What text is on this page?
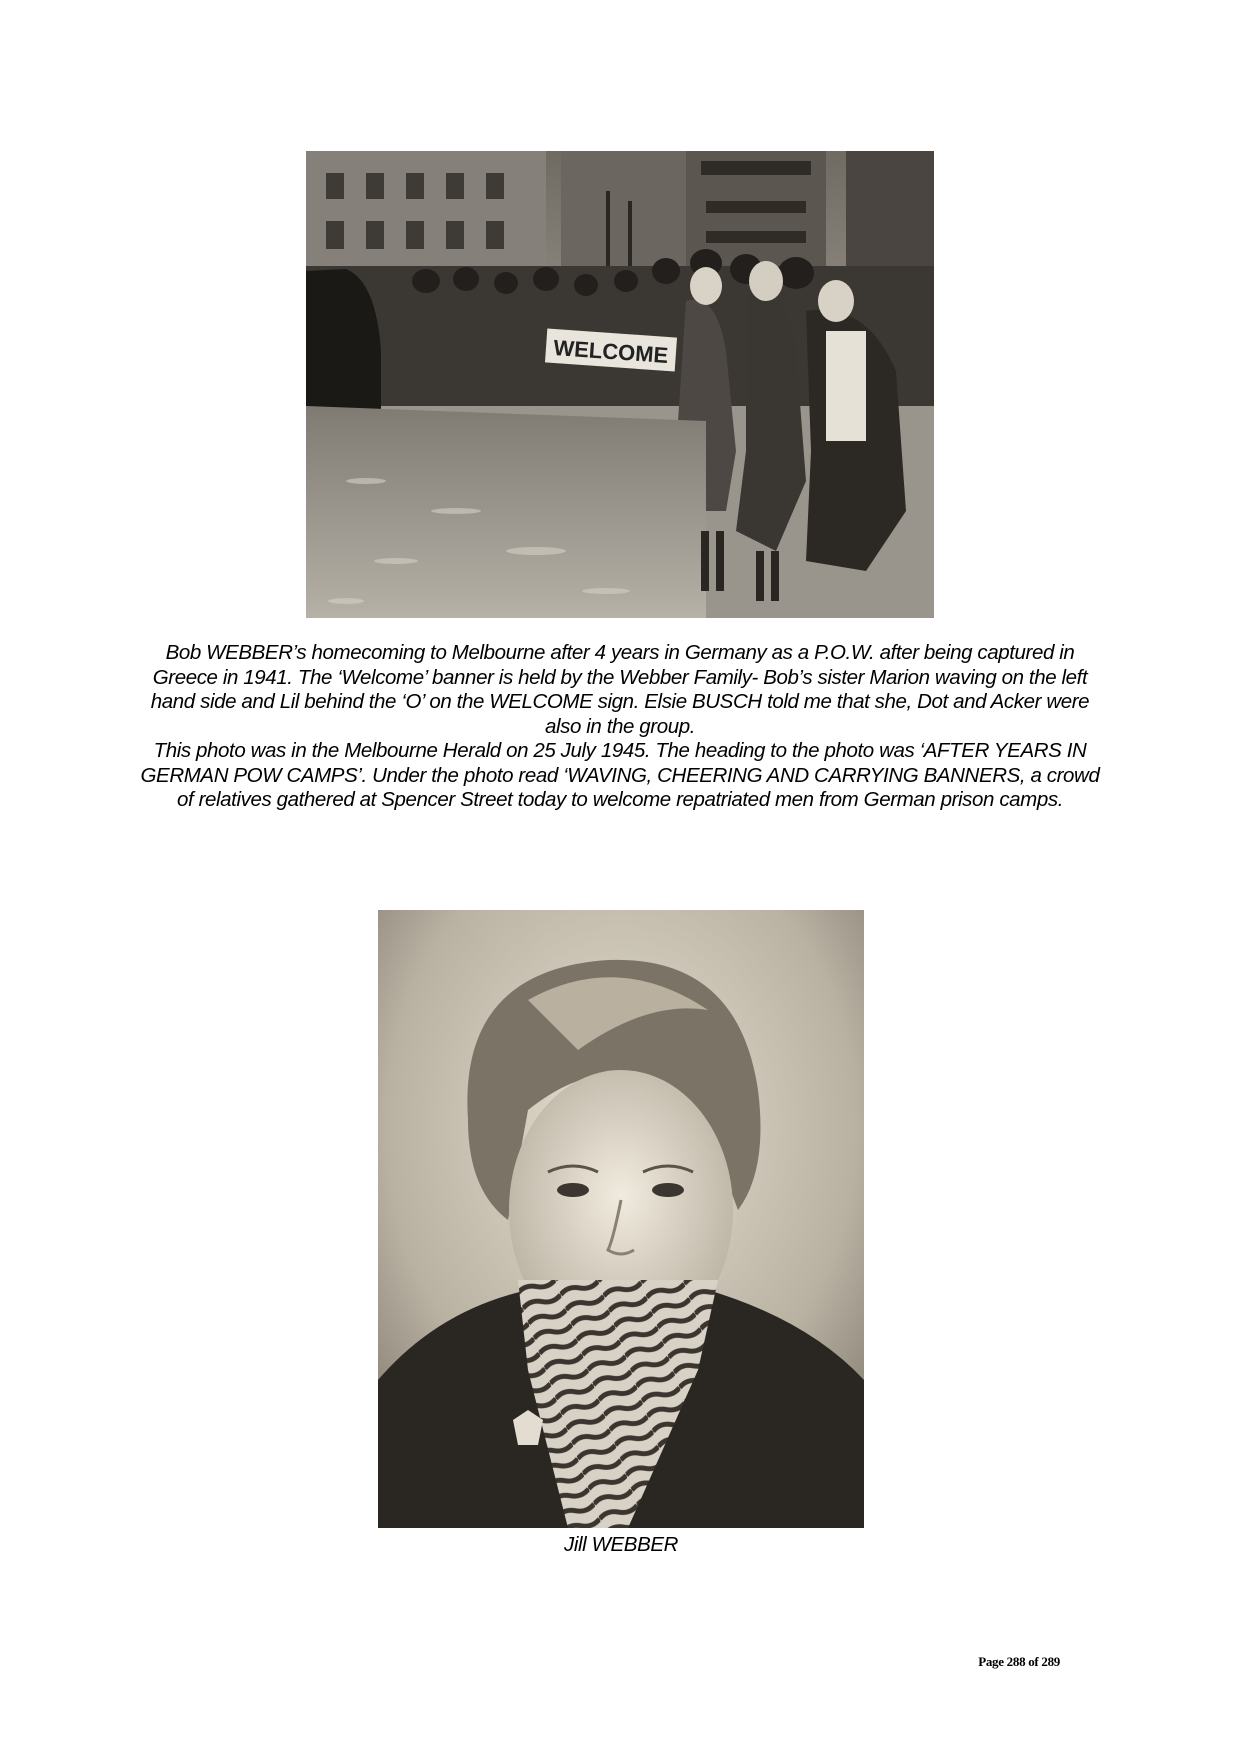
WELCOME

Bob WEBBER’s homecoming to Melbourne after 4 years in Germany as a P.O.W. after being captured in Greece in 1941. The ‘Welcome’ banner is held by the Webber Family- Bob’s sister Marion waving on the left hand side and Lil behind the ‘O’ on the WELCOME sign. Elsie BUSCH told me that she, Dot and Acker were also in the group.

This photo was in the Melbourne Herald on 25 July 1945. The heading to the photo was ‘AFTER YEARS IN GERMAN POW CAMPS’. Under the photo read ‘WAVING, CHEERING AND CARRYING BANNERS, a crowd of relatives gathered at Spencer Street today to welcome repatriated men from German prison camps.

Jill WEBBER
Page 288 of 289
